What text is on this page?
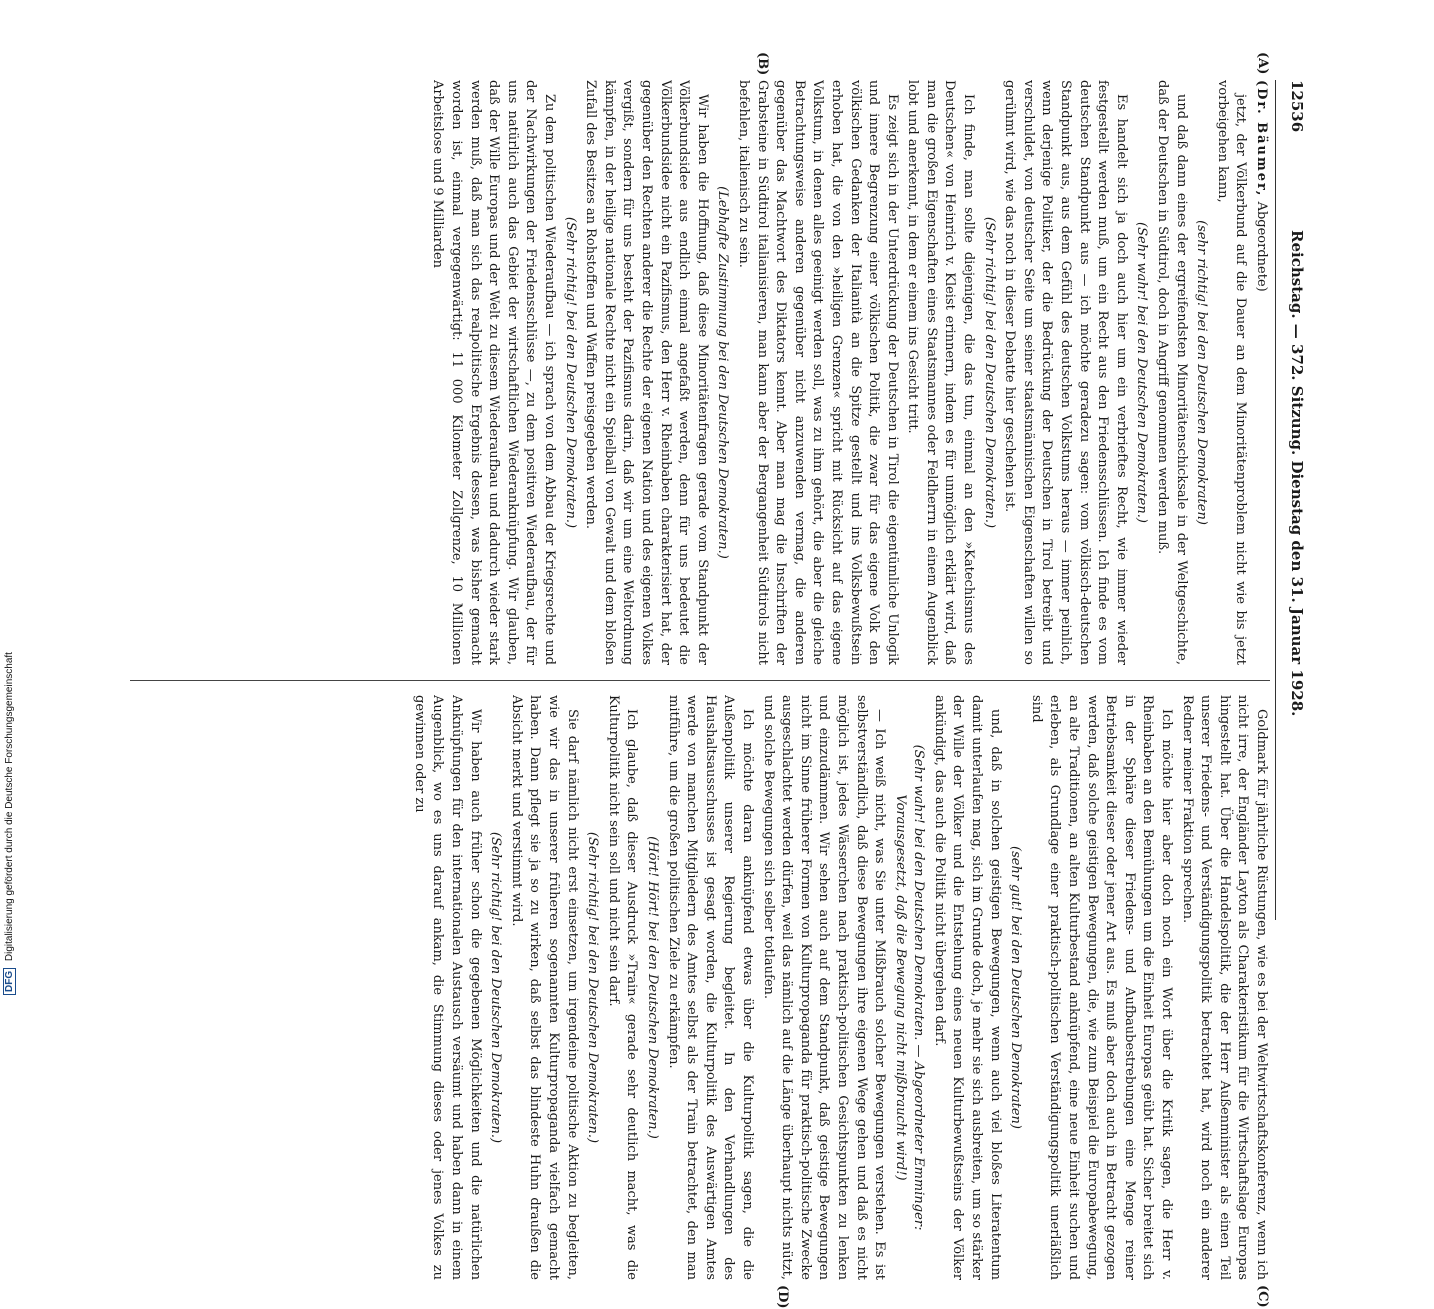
12536
Reichstag. — 372. Sitzung. Dienstag den 31. Januar 1928.
(A)
(B)
(C)
(D)

(Dr. Bäumer, Abgeordnete)

jetzt, der Völkerbund auf die Dauer an dem Minoritätenproblem nicht wie bis jetzt vorbeigehen kann,

(sehr richtig! bei den Deutschen Demokraten)

und daß dann eines der ergreifendsten Minoritätenschicksale in der Weltgeschichte, daß der Deutschen in Südtirol, doch in Angriff genommen werden muß.

(Sehr wahr! bei den Deutschen Demokraten.)

Es handelt sich ja doch auch hier um ein verbrieftes Recht, wie immer wieder festgestellt werden muß, um ein Recht aus den Friedensschlüssen. Ich finde es vom deutschen Standpunkt aus — ich möchte geradezu sagen: vom völkisch-deutschen Standpunkt aus, aus dem Gefühl des deutschen Volkstums heraus — immer peinlich, wenn derjenige Politiker, der die Bedrückung der Deutschen in Tirol betreibt und verschuldet, von deutscher Seite um seiner staatsmännischen Eigenschaften willen so gerühmt wird, wie das noch in dieser Debatte hier geschehen ist.

(Sehr richtig! bei den Deutschen Demokraten.)

Ich finde, man sollte diejenigen, die das tun, einmal an den »Katechismus des Deutschen« von Heinrich v. Kleist erinnern, indem es für unmöglich erklärt wird, daß man die großen Eigenschaften eines Staatsmannes oder Feldherrn in einem Augenblick lobt und anerkennt, in dem er einem ins Gesicht tritt.

Es zeigt sich in der Unterdrückung der Deutschen in Tirol die eigentümliche Unlogik und innere Begrenzung einer völkischen Politik, die zwar für das eigene Volk den völkischen Gedanken der Italianità an die Spitze gestellt und ins Volksbewußtsein erhoben hat, die von den »heiligen Grenzen« spricht mit Rücksicht auf das eigene Volkstum, in denen alles geeinigt werden soll, was zu ihm gehört, die aber die gleiche Betrachtungsweise anderen gegenüber nicht anzuwenden vermag, die anderen gegenüber das Machtwort des Diktators kennt. Aber man mag die Inschriften der Grabsteine in Südtirol italianisieren, man kann aber der Bergangenheit Südtirols nicht befehlen, italienisch zu sein.

(Lebhafte Zustimmung bei den Deutschen Demokraten.)

Wir haben die Hoffnung, daß diese Minoritätenfragen gerade vom Standpunkt der Völkerbundsidee aus endlich einmal angefaßt werden, denn für uns bedeutet die Völkerbundsidee nicht ein Pazifismus, den Herr v. Rheinbaben charakterisiert hat, der gegenüber den Rechten anderer die Rechte der eigenen Nation und des eigenen Volkes vergißt, sondern für uns besteht der Pazifismus darin, daß wir um eine Weltordnung kämpfen, in der heilige nationale Rechte nicht ein Spielball von Gewalt und dem bloßen Zufall des Besitzes an Rohstoffen und Waffen preisgegeben werden.

(Sehr richtig! bei den Deutschen Demokraten.)

Zu dem politischen Wiederaufbau — ich sprach von dem Abbau der Kriegsrechte und der Nachwirkungen der Friedensschlüsse —, zu dem positiven Wiederaufbau, der für uns natürlich auch das Gebiet der wirtschaftlichen Wiederanknüpfung. Wir glauben, daß der Wille Europas und der Welt zu diesem Wiederaufbau und dadurch wieder stark werden muß, daß man sich das realpolitische Ergebnis dessen, was bisher gemacht worden ist, einmal vergegenwärtigt: 11 000 Kilometer Zollgrenze, 10 Millionen Arbeitslose und 9 Milliarden

Goldmark für jährliche Rüstungen, wie es bei der Weltwirtschaftskonferenz, wenn ich nicht irre, der Engländer Layton als Charakteristikum für die Wirtschaftslage Europas hingestellt hat. Über die Handelspolitik, die der Herr Außenminister als einen Teil unserer Friedens- und Verständigungspolitik betrachtet hat, wird noch ein anderer Redner meiner Fraktion sprechen.

Ich möchte hier aber doch noch ein Wort über die Kritik sagen, die Herr v. Rheinbaben an den Bemühungen um die Einheit Europas geübt hat. Sicher breitet sich in der Sphäre dieser Friedens- und Aufbaubestrebungen eine Menge reiner Betriebsamkeit dieser oder jener Art aus. Es muß aber doch auch in Betracht gezogen werden, daß solche geistigen Bewegungen, die, wie zum Beispiel die Europabewegung, an alte Traditionen, an alten Kulturbestand anknüpfend, eine neue Einheit suchen und erleben, als Grundlage einer praktisch-politischen Verständigungspolitik unerläßlich sind

(sehr gut! bei den Deutschen Demokraten)

und, daß in solchen geistigen Bewegungen, wenn auch viel bloßes Literatentum damit unterlaufen mag, sich im Grunde doch, je mehr sie sich ausbreiten, um so stärker der Wille der Völker und die Entstehung eines neuen Kulturbewußtseins der Völker ankündigt, das auch die Politik nicht übergehen darf.

(Sehr wahr! bei den Deutschen Demokraten. — Abgeordneter Emminger: Vorausgesetzt, daß die Bewegung nicht mißbraucht wird!)

— Ich weiß nicht, was Sie unter Mißbrauch solcher Bewegungen verstehen. Es ist selbstverständlich, daß diese Bewegungen ihre eigenen Wege gehen und daß es nicht möglich ist, jedes Wässerchen nach praktisch-politischen Gesichtspunkten zu lenken und einzudämmen. Wir sehen auch auf dem Standpunkt, daß geistige Bewegungen nicht im Sinne früherer Formen von Kulturpropaganda für praktisch-politische Zwecke ausgeschlachtet werden dürfen, weil das nämlich auf die Länge überhaupt nichts nützt, und solche Bewegungen sich selber totlaufen.

Ich möchte daran anknüpfend etwas über die Kulturpolitik sagen, die die Außenpolitik unserer Regierung begleitet. In den Verhandlungen des Haushaltsausschusses ist gesagt worden, die Kulturpolitik des Auswärtigen Amtes werde von manchen Mitgliedern des Amtes selbst als der Train betrachtet, den man mitführe, um die großen politischen Ziele zu erkämpfen.

(Hört! Hört! bei den Deutschen Demokraten.)

Ich glaube, daß dieser Ausdruck »Train« gerade sehr deutlich macht, was die Kulturpolitik nicht sein soll und nicht sein darf.

(Sehr richtig! bei den Deutschen Demokraten.)

Sie darf nämlich nicht erst einsetzen, um irgendeine politische Aktion zu begleiten, wie wir das in unserer früheren sogenannten Kulturpropaganda vielfach gemacht haben. Dann pflegt sie ja so zu wirken, daß selbst das blindeste Huhn draußen die Absicht merkt und verstimmt wird.

(Sehr richtig! bei den Deutschen Demokraten.)

Wir haben auch früher schon die gegebenen Möglichkeiten und die natürlichen Anknüpfungen für den internationalen Austausch versäumt und haben dann in einem Augenblick, wo es uns darauf ankam, die Stimmung dieses oder jenes Volkes zu gewinnen oder zu

DFG Digitalisierung gefördert durch die Deutsche Forschungsgemeinschaft
